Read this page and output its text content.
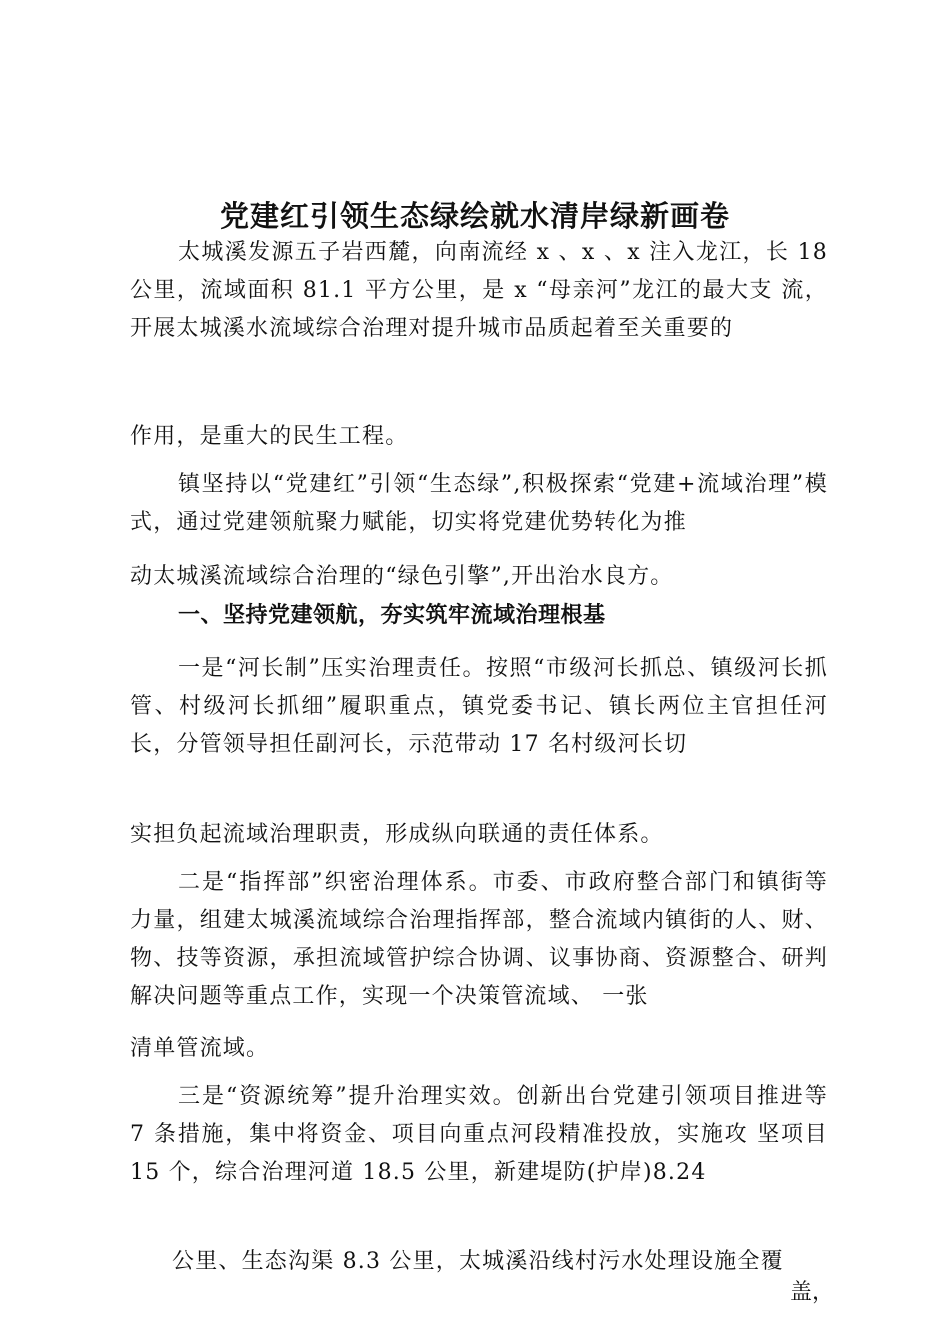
党建红引领生态绿绘就水清岸绿新画卷

太城溪发源五子岩西麓，向南流经 x 、x 、x 注入龙江，长 18 公里，流域面积 81.1 平方公里，是 x “母亲河”龙江的最大支 流，开展太城溪水流域综合治理对提升城市品质起着至关重要的

作用，是重大的民生工程。

镇坚持以“党建红”引领“生态绿”,积极探索“党建+流域治理”模式，通过党建领航聚力赋能，切实将党建优势转化为推

动太城溪流域综合治理的“绿色引擎”,开出治水良方。

一、坚持党建领航，夯实筑牢流域治理根基

一是“河长制”压实治理责任。按照“市级河长抓总、镇级河长抓管、村级河长抓细”履职重点，镇党委书记、镇长两位主官担任河长，分管领导担任副河长，示范带动 17 名村级河长切

实担负起流域治理职责，形成纵向联通的责任体系。

二是“指挥部”织密治理体系。市委、市政府整合部门和镇街等力量，组建太城溪流域综合治理指挥部，整合流域内镇街的人、财、物、技等资源，承担流域管护综合协调、议事协商、资源整合、研判解决问题等重点工作，实现一个决策管流域、 一张

清单管流域。

三是“资源统筹”提升治理实效。创新出台党建引领项目推进等 7 条措施，集中将资金、项目向重点河段精准投放，实施攻 坚项目 15 个，综合治理河道 18.5 公里，新建堤防(护岸)8.24

公里、生态沟渠 8.3 公里，太城溪沿线村污水处理设施全覆
盖，
